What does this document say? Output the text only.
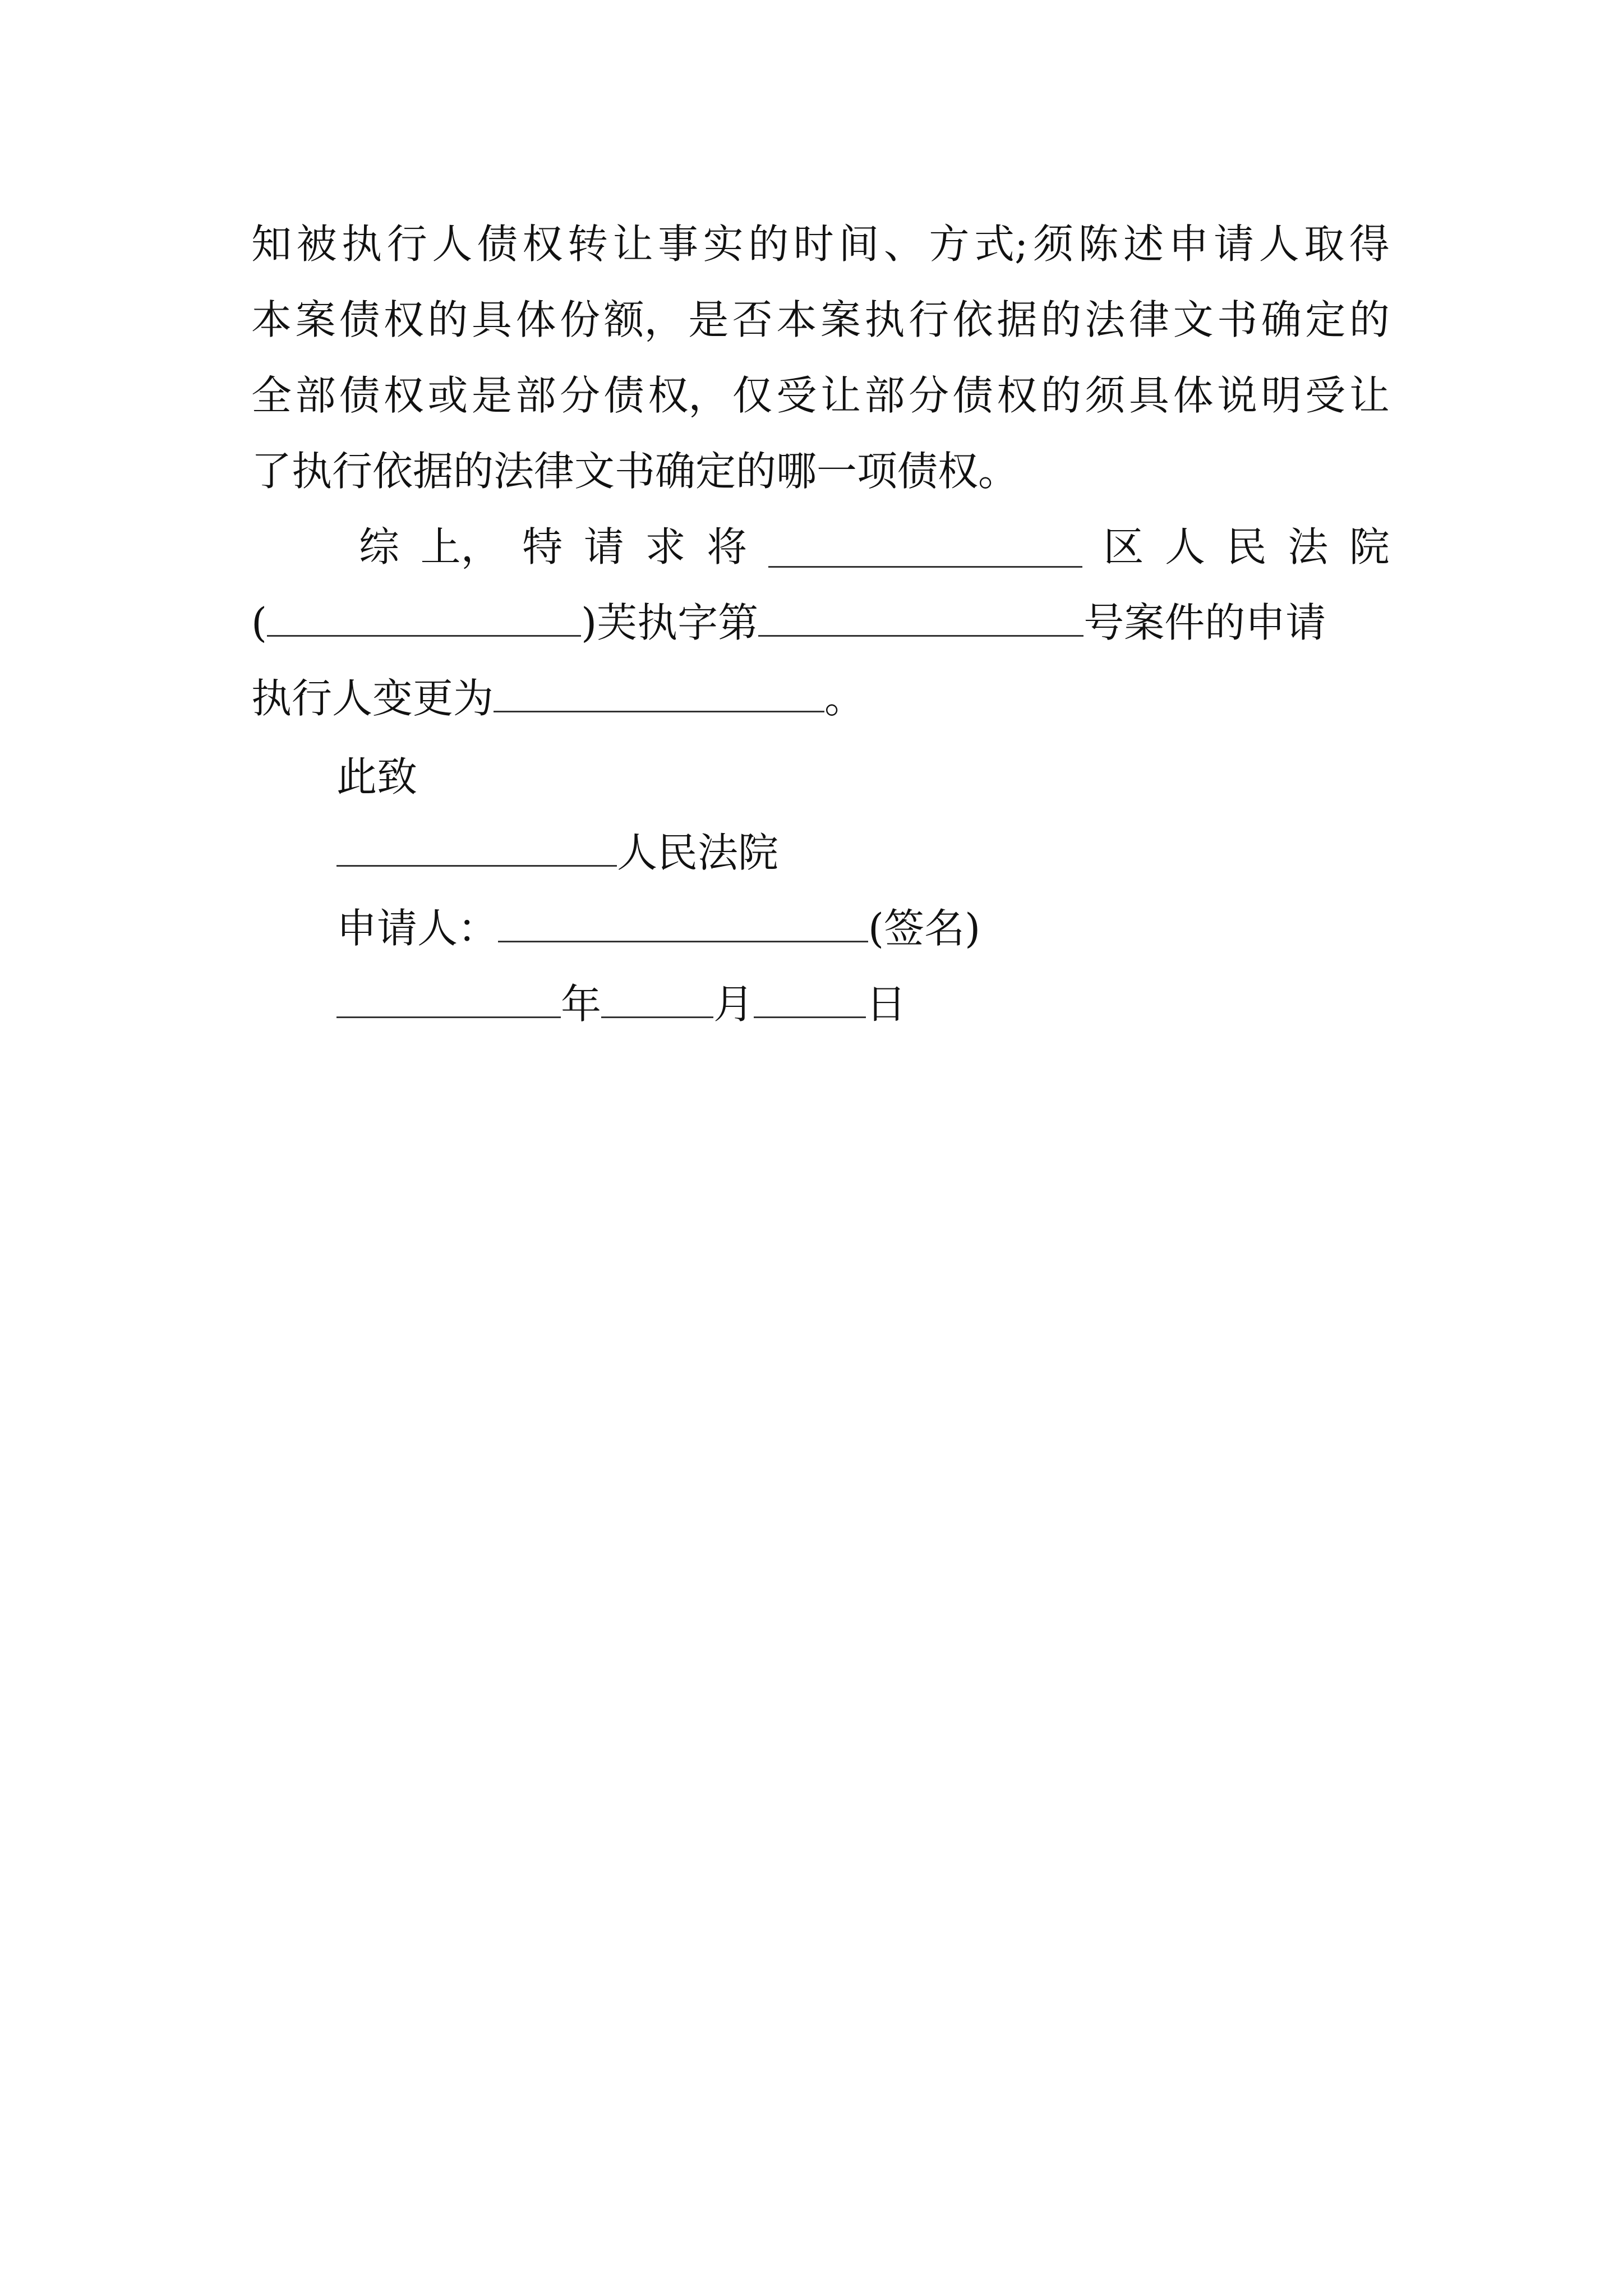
知 被 执 行 人 债 权 转 让 事 实 的 时 间 、 方 式; 须 陈 述 申 请 人 取 得
本 案 债 权 的 具 体 份 额， 是 否 本 案 执 行 依 据 的 法 律 文 书 确 定 的
全 部 债 权 或 是 部 分 债 权， 仅 受 让 部 分 债 权 的 须 具 体 说 明 受 让
了执行依据的法律文书确定的哪一项债权。
综 上， 特 请 求 将	区 人 民 法 院
(	)芙执字第	号案件的申请
执行人变更为	。
此致
人民法院
申请人：	(签名)
年	月	日
